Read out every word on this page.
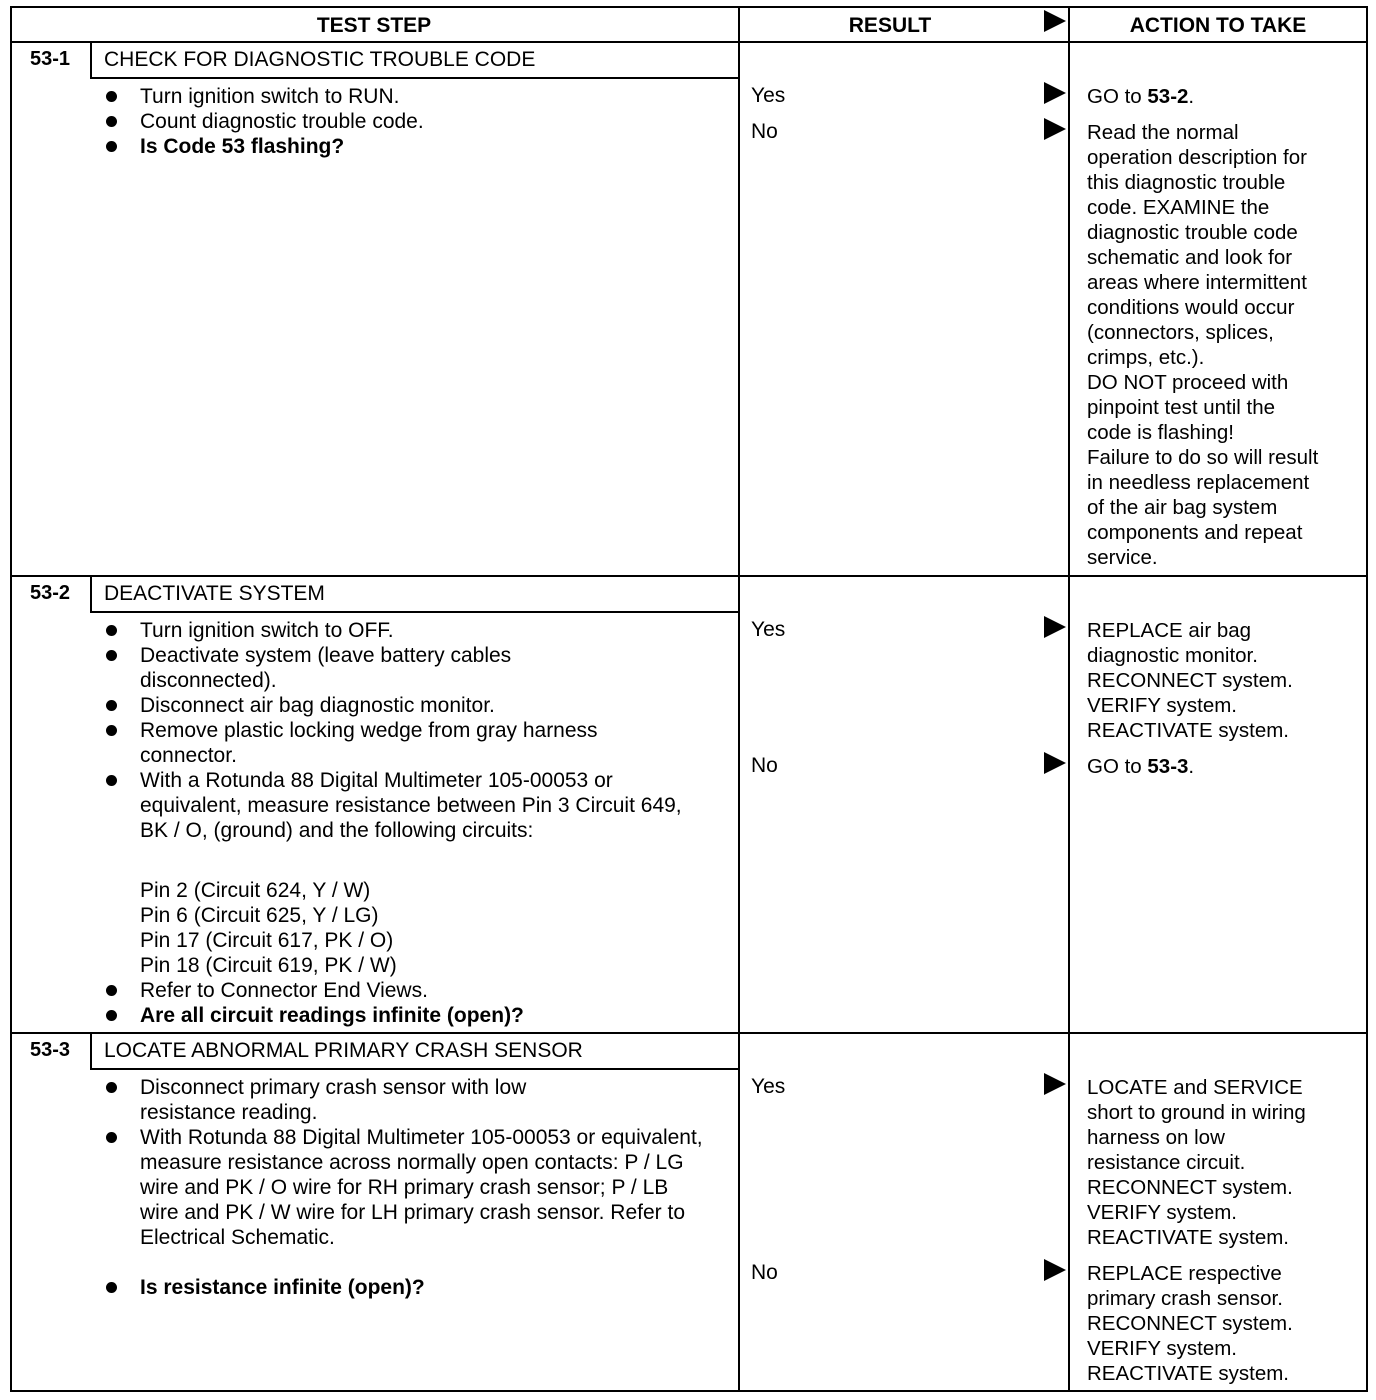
TEST STEP	RESULT	ACTION TO TAKE
53-1	CHECK FOR DIAGNOSTIC TROUBLE CODE
Turn ignition switch to RUN.
Count diagnostic trouble code.
Is Code 53 flashing?
Yes	GO to 53-2.
No	Read the normal
operation description for
this diagnostic trouble
code. EXAMINE the
diagnostic trouble code
schematic and look for
areas where intermittent
conditions would occur
(connectors, splices,
crimps, etc.).
DO NOT proceed with
pinpoint test until the
code is flashing!
Failure to do so will result
in needless replacement
of the air bag system
components and repeat
service.
53-2	DEACTIVATE SYSTEM
Turn ignition switch to OFF.
Deactivate system (leave battery cables disconnected).
Disconnect air bag diagnostic monitor.
Remove plastic locking wedge from gray harness connector.
With a Rotunda 88 Digital Multimeter 105-00053 or equivalent, measure resistance between Pin 3 Circuit 649, BK / O, (ground) and the following circuits:
Pin 2 (Circuit 624, Y / W)
Pin 6 (Circuit 625, Y / LG)
Pin 17 (Circuit 617, PK / O)
Pin 18 (Circuit 619, PK / W)
Refer to Connector End Views.
Are all circuit readings infinite (open)?
Yes	REPLACE air bag
diagnostic monitor.
RECONNECT system.
VERIFY system.
REACTIVATE system.
No	GO to 53-3.
53-3	LOCATE ABNORMAL PRIMARY CRASH SENSOR
Disconnect primary crash sensor with low resistance reading.
With Rotunda 88 Digital Multimeter 105-00053 or equivalent, measure resistance across normally open contacts: P / LG wire and PK / O wire for RH primary crash sensor; P / LB wire and PK / W wire for LH primary crash sensor. Refer to Electrical Schematic.
Is resistance infinite (open)?
Yes	LOCATE and SERVICE
short to ground in wiring
harness on low
resistance circuit.
RECONNECT system.
VERIFY system.
REACTIVATE system.
No	REPLACE respective
primary crash sensor.
RECONNECT system.
VERIFY system.
REACTIVATE system.
